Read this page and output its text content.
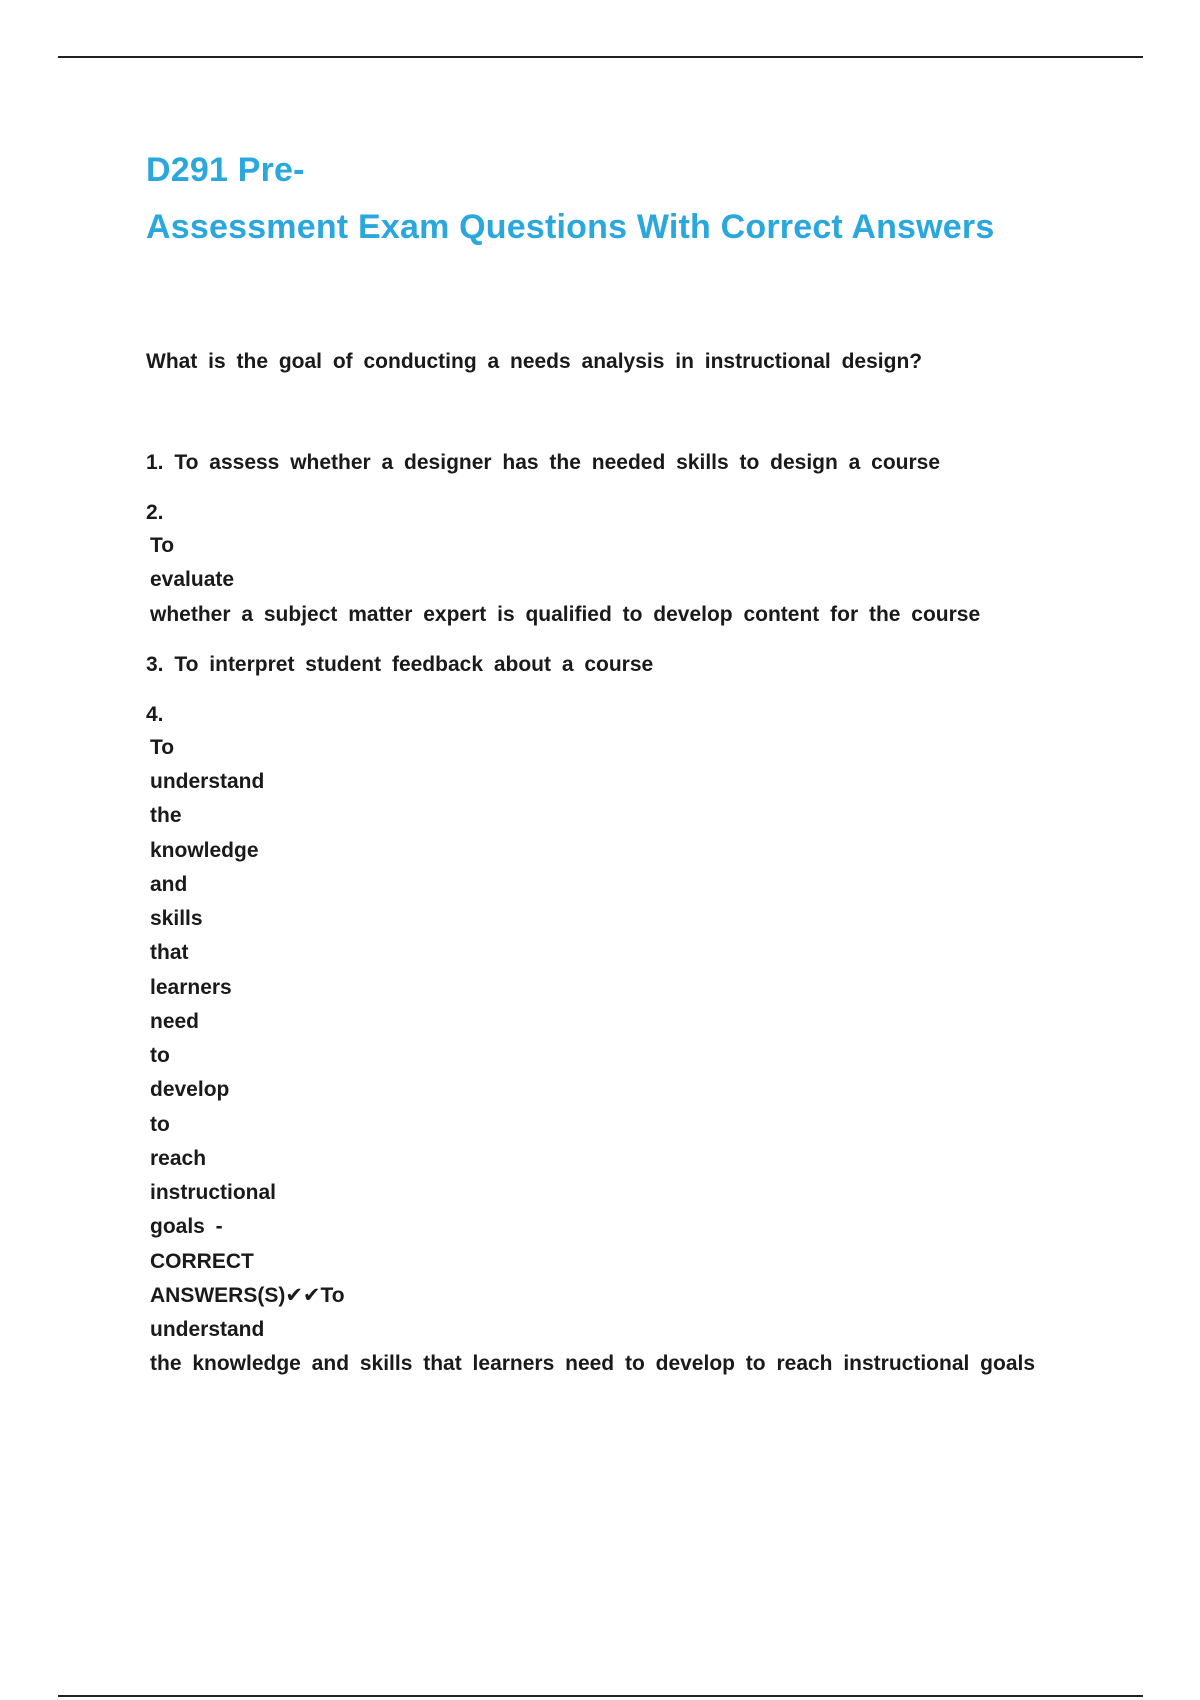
D291 Pre-
Assessment Exam Questions With Correct Answers
What is the goal of conducting a needs analysis in instructional design?
1. To assess whether a designer has the needed skills to design a course
2.
To
evaluate
whether a subject matter expert is qualified to develop content for the course
3. To interpret student feedback about a course
4.
To
understand
the
knowledge
and
skills
that
learners
need
to
develop
to
reach
instructional
goals -
CORRECT
ANSWERS(S)✔✔To
understand
the knowledge and skills that learners need to develop to reach instructional goals
